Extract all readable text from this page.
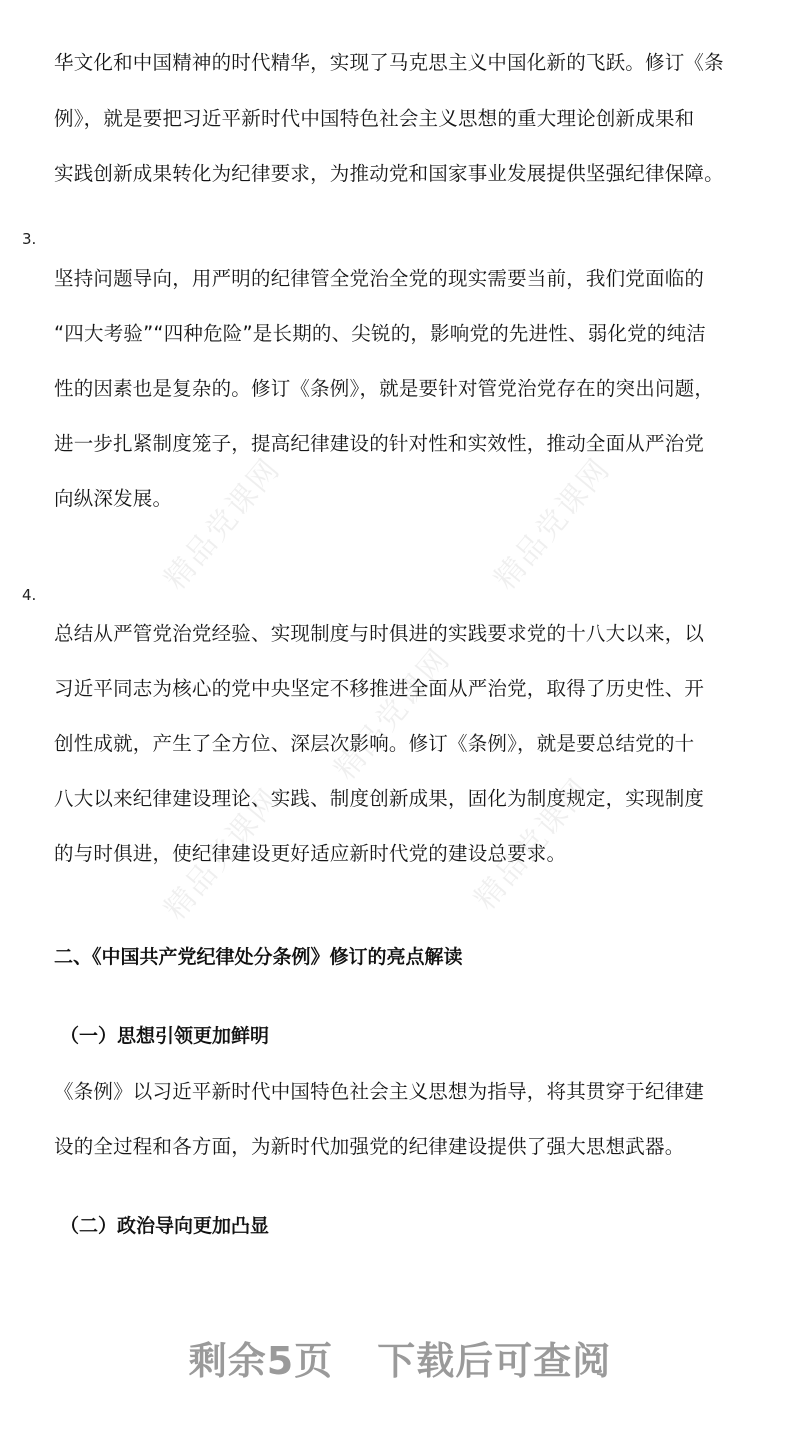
精品党课网	精品党课网
精品党课网
精品党课网	精品党课网
华文化和中国精神的时代精华，实现了马克思主义中国化新的飞跃。修订《条
例》，就是要把习近平新时代中国特色社会主义思想的重大理论创新成果和
实践创新成果转化为纪律要求，为推动党和国家事业发展提供坚强纪律保障。
3.
坚持问题导向，用严明的纪律管全党治全党的现实需要当前，我们党面临的
“四大考验”“四种危险”是长期的、尖锐的，影响党的先进性、弱化党的纯洁
性的因素也是复杂的。修订《条例》，就是要针对管党治党存在的突出问题，
进一步扎紧制度笼子，提高纪律建设的针对性和实效性，推动全面从严治党
向纵深发展。
4.
总结从严管党治党经验、实现制度与时俱进的实践要求党的十八大以来，以
习近平同志为核心的党中央坚定不移推进全面从严治党，取得了历史性、开
创性成就，产生了全方位、深层次影响。修订《条例》，就是要总结党的十
八大以来纪律建设理论、实践、制度创新成果，固化为制度规定，实现制度
的与时俱进，使纪律建设更好适应新时代党的建设总要求。
二、《中国共产党纪律处分条例》修订的亮点解读
（一）思想引领更加鲜明
《条例》以习近平新时代中国特色社会主义思想为指导，将其贯穿于纪律建
设的全过程和各方面，为新时代加强党的纪律建设提供了强大思想武器。
（二）政治导向更加凸显
剩余5页 下载后可查阅
